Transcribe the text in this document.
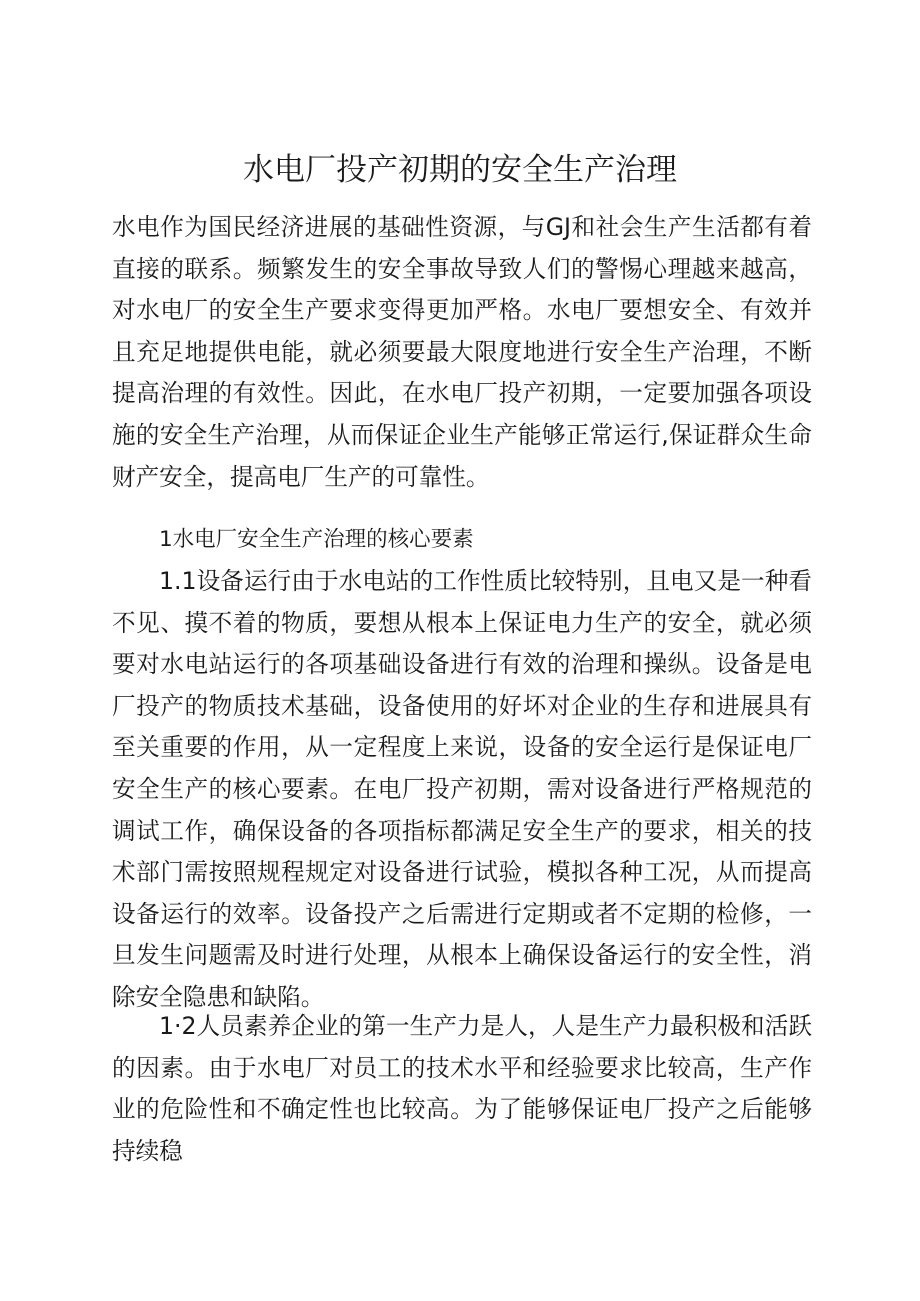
水电厂投产初期的安全生产治理

水电作为国民经济进展的基础性资源，与GJ和社会生产生活都有着直接的联系。频繁发生的安全事故导致人们的警惕心理越来越高，对水电厂的安全生产要求变得更加严格。水电厂要想安全、有效并且充足地提供电能，就必须要最大限度地进行安全生产治理，不断提高治理的有效性。因此，在水电厂投产初期，一定要加强各项设施的安全生产治理，从而保证企业生产能够正常运行,保证群众生命财产安全，提高电厂生产的可靠性。

1水电厂安全生产治理的核心要素

1.1设备运行由于水电站的工作性质比较特别，且电又是一种看不见、摸不着的物质，要想从根本上保证电力生产的安全，就必须要对水电站运行的各项基础设备进行有效的治理和操纵。设备是电厂投产的物质技术基础，设备使用的好坏对企业的生存和进展具有至关重要的作用，从一定程度上来说，设备的安全运行是保证电厂安全生产的核心要素。在电厂投产初期，需对设备进行严格规范的调试工作，确保设备的各项指标都满足安全生产的要求，相关的技术部门需按照规程规定对设备进行试验，模拟各种工况，从而提高设备运行的效率。设备投产之后需进行定期或者不定期的检修，一旦发生问题需及时进行处理，从根本上确保设备运行的安全性，消除安全隐患和缺陷。

1·2人员素养企业的第一生产力是人，人是生产力最积极和活跃的因素。由于水电厂对员工的技术水平和经验要求比较高，生产作业的危险性和不确定性也比较高。为了能够保证电厂投产之后能够持续稳
